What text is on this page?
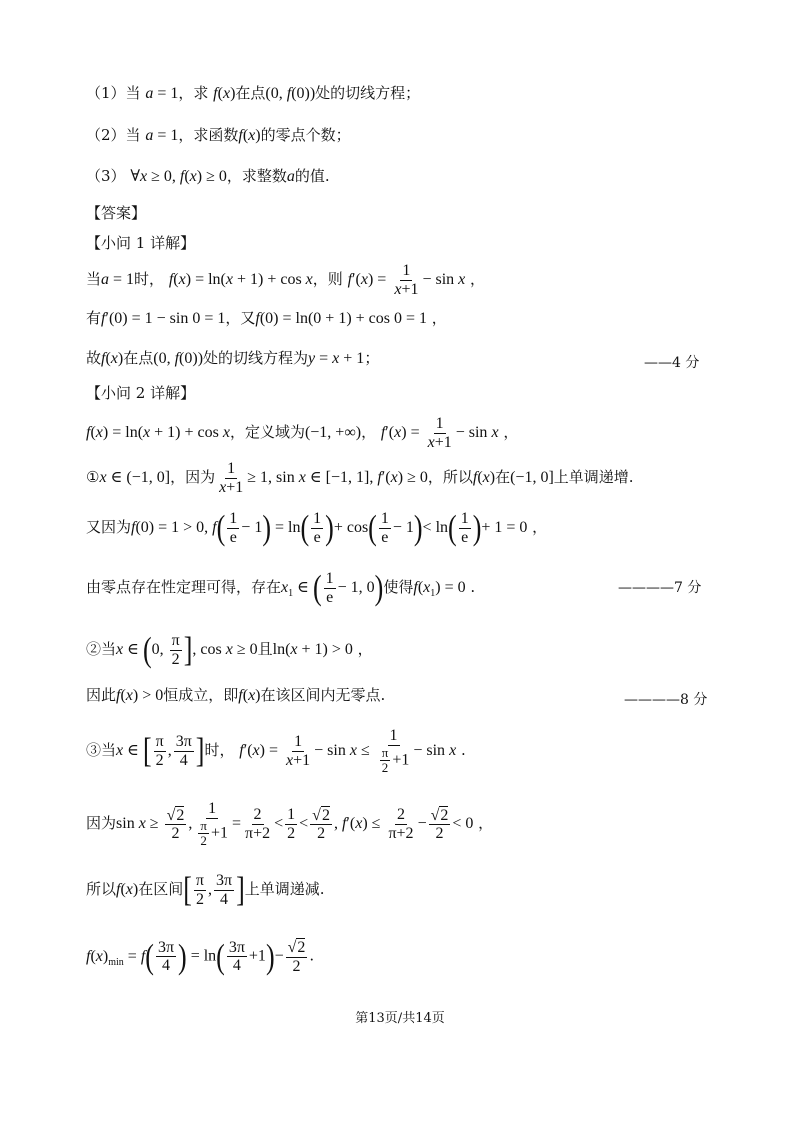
（1）当 a = 1，求 f(x)在点(0, f(0))处的切线方程；
（2）当 a = 1，求函数f(x)的零点个数；
（3） ∀x ≥ 0, f(x) ≥ 0，求整数a的值.
【答案】
【小问 1 详解】
当a = 1时， f(x) = ln(x + 1) + cos x，则 $f'(x) = \frac{1}{x+1} - \sin x$ ，
有f′(0) = 1 − sin 0 = 1，又f(0) = ln(0 + 1) + cos 0 = 1 ，
故f(x)在点(0, f(0))处的切线方程为y = x + 1；	——4 分
【小问 2 详解】
f(x) = ln(x + 1) + cos x，定义域为(−1, +∞)， $f'(x) = \frac{1}{x+1} - \sin x$ ，
①x ∈ (−1, 0]，因为 $\frac{1}{x+1} \ge 1$, sin x ∈ [−1, 1], f′(x) ≥ 0，所以f(x)在(−1, 0]上单调递增.
又因为f(0) = 1 > 0, $f( \frac{1}{e} - 1) = \ln( \frac{1}{e}$ )+ $\cos( \frac{1}{e} - 1)< \ln( \frac{1}{e}$ )+ 1 = 0 ，
由零点存在性定理可得，存在$x_1$ ∈ ( $\frac{1}{e} - 1$, 0)使得$f(x_1) = 0$ .	————7 分
②当x ∈ (0, $\frac{\pi}{2}$ ], cos x ≥ 0且ln(x + 1) > 0 ，
因此f(x) > 0恒成立，即f(x)在该区间内无零点.	————8 分
③当x ∈ [ $\frac{\pi}{2}$ , $\frac{3\pi}{4}$ ]时， $f'(x) = \frac{1}{x+1} - \sin x \le \frac{1}{\frac{\pi}{2} +1} - \sin x$ .
因为$\sin x \ge \frac{√2}{2}$ , $\frac{1}{\frac{\pi}{2} +1} = \frac{2}{\pi+2} < \frac{1}{2} < \frac{√2}{2}$ , $f'(x) \le \frac{2}{\pi+2} - \frac{√2}{2} < 0$ ，
所以f(x)在区间[ $\frac{\pi}{2}$ , $\frac{3\pi}{4}$ ]上单调递减.
$f(x)_{min} = f( \frac{3\pi}{4}$ ) = $\ln( \frac{3\pi}{4} +1)- \frac{√2}{2}$ .
第13页/共14页
